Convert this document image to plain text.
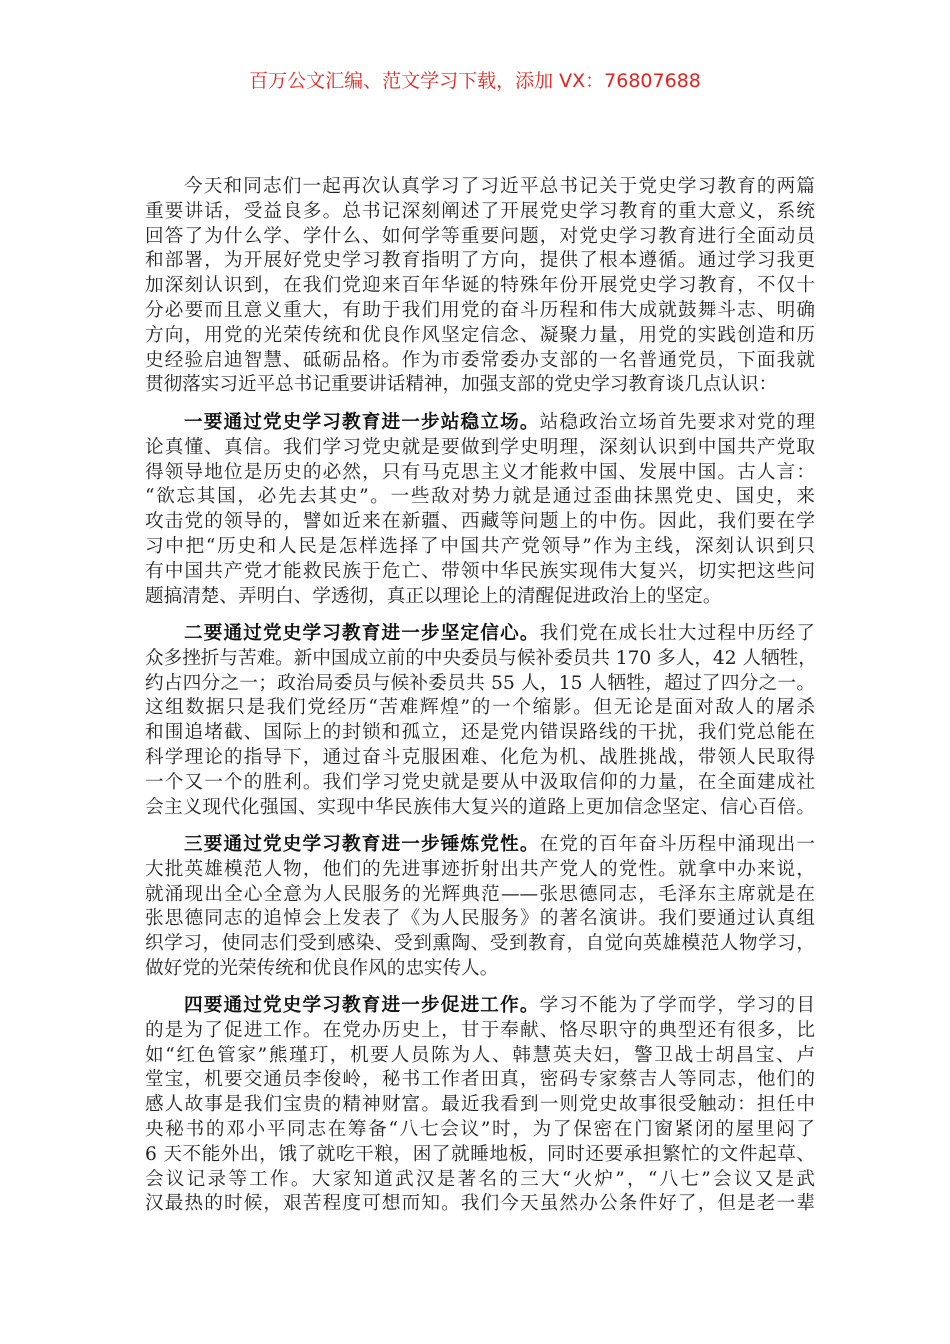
百万公文汇编、范文学习下载，添加 VX：76807688
今天和同志们一起再次认真学习了习近平总书记关于党史学习教育的两篇
重要讲话，受益良多。总书记深刻阐述了开展党史学习教育的重大意义，系统
回答了为什么学、学什么、如何学等重要问题，对党史学习教育进行全面动员
和部署，为开展好党史学习教育指明了方向，提供了根本遵循。通过学习我更
加深刻认识到，在我们党迎来百年华诞的特殊年份开展党史学习教育，不仅十
分必要而且意义重大，有助于我们用党的奋斗历程和伟大成就鼓舞斗志、明确
方向，用党的光荣传统和优良作风坚定信念、凝聚力量，用党的实践创造和历
史经验启迪智慧、砥砺品格。作为市委常委办支部的一名普通党员，下面我就
贯彻落实习近平总书记重要讲话精神，加强支部的党史学习教育谈几点认识：
一要通过党史学习教育进一步站稳立场。站稳政治立场首先要求对党的理
论真懂、真信。我们学习党史就是要做到学史明理，深刻认识到中国共产党取
得领导地位是历史的必然，只有马克思主义才能救中国、发展中国。古人言：
“欲忘其国，必先去其史”。一些敌对势力就是通过歪曲抹黑党史、国史，来
攻击党的领导的，譬如近来在新疆、西藏等问题上的中伤。因此，我们要在学
习中把“历史和人民是怎样选择了中国共产党领导”作为主线，深刻认识到只
有中国共产党才能救民族于危亡、带领中华民族实现伟大复兴，切实把这些问
题搞清楚、弄明白、学透彻，真正以理论上的清醒促进政治上的坚定。
二要通过党史学习教育进一步坚定信心。我们党在成长壮大过程中历经了
众多挫折与苦难。新中国成立前的中央委员与候补委员共 170 多人，42 人牺牲，
约占四分之一；政治局委员与候补委员共 55 人，15 人牺牲，超过了四分之一。
这组数据只是我们党经历“苦难辉煌”的一个缩影。但无论是面对敌人的屠杀
和围追堵截、国际上的封锁和孤立，还是党内错误路线的干扰，我们党总能在
科学理论的指导下，通过奋斗克服困难、化危为机、战胜挑战，带领人民取得
一个又一个的胜利。我们学习党史就是要从中汲取信仰的力量，在全面建成社
会主义现代化强国、实现中华民族伟大复兴的道路上更加信念坚定、信心百倍。
三要通过党史学习教育进一步锤炼党性。在党的百年奋斗历程中涌现出一
大批英雄模范人物，他们的先进事迹折射出共产党人的党性。就拿中办来说，
就涌现出全心全意为人民服务的光辉典范——张思德同志，毛泽东主席就是在
张思德同志的追悼会上发表了《为人民服务》的著名演讲。我们要通过认真组
织学习，使同志们受到感染、受到熏陶、受到教育，自觉向英雄模范人物学习，
做好党的光荣传统和优良作风的忠实传人。
四要通过党史学习教育进一步促进工作。学习不能为了学而学，学习的目
的是为了促进工作。在党办历史上，甘于奉献、恪尽职守的典型还有很多，比
如“红色管家”熊瑾玎，机要人员陈为人、韩慧英夫妇，警卫战士胡昌宝、卢
堂宝，机要交通员李俊岭，秘书工作者田真，密码专家蔡吉人等同志，他们的
感人故事是我们宝贵的精神财富。最近我看到一则党史故事很受触动：担任中
央秘书的邓小平同志在筹备“八七会议”时，为了保密在门窗紧闭的屋里闷了
6 天不能外出，饿了就吃干粮，困了就睡地板，同时还要承担繁忙的文件起草、
会议记录等工作。大家知道武汉是著名的三大“火炉”，“八七”会议又是武
汉最热的时候，艰苦程度可想而知。我们今天虽然办公条件好了，但是老一辈
